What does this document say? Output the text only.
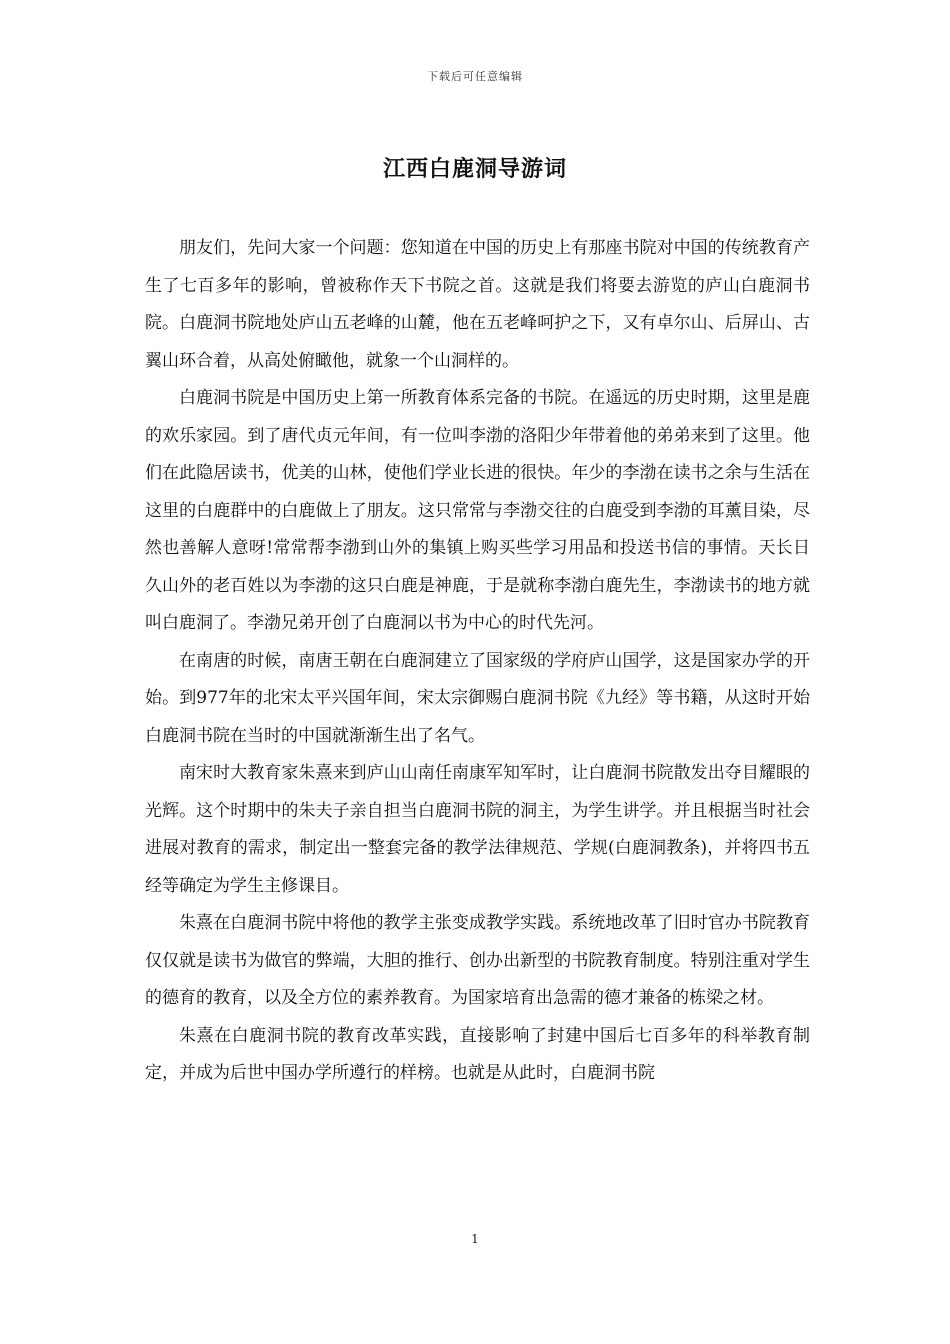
下载后可任意编辑
江西白鹿洞导游词

朋友们，先问大家一个问题：您知道在中国的历史上有那座书院对中国的传统教育产生了七百多年的影响，曾被称作天下书院之首。这就是我们将要去游览的庐山白鹿洞书院。白鹿洞书院地处庐山五老峰的山麓，他在五老峰呵护之下，又有卓尔山、后屏山、古翼山环合着，从高处俯瞰他，就象一个山洞样的。

白鹿洞书院是中国历史上第一所教育体系完备的书院。在遥远的历史时期，这里是鹿的欢乐家园。到了唐代贞元年间，有一位叫李渤的洛阳少年带着他的弟弟来到了这里。他们在此隐居读书，优美的山林，使他们学业长进的很快。年少的李渤在读书之余与生活在这里的白鹿群中的白鹿做上了朋友。这只常常与李渤交往的白鹿受到李渤的耳薰目染，尽然也善解人意呀!常常帮李渤到山外的集镇上购买些学习用品和投送书信的事情。天长日久山外的老百姓以为李渤的这只白鹿是神鹿，于是就称李渤白鹿先生，李渤读书的地方就叫白鹿洞了。李渤兄弟开创了白鹿洞以书为中心的时代先河。

在南唐的时候，南唐王朝在白鹿洞建立了国家级的学府庐山国学，这是国家办学的开始。到977年的北宋太平兴国年间，宋太宗御赐白鹿洞书院《九经》等书籍，从这时开始白鹿洞书院在当时的中国就渐渐生出了名气。

南宋时大教育家朱熹来到庐山山南任南康军知军时，让白鹿洞书院散发出夺目耀眼的光辉。这个时期中的朱夫子亲自担当白鹿洞书院的洞主，为学生讲学。并且根据当时社会进展对教育的需求，制定出一整套完备的教学法律规范、学规(白鹿洞教条)，并将四书五经等确定为学生主修课目。

朱熹在白鹿洞书院中将他的教学主张变成教学实践。系统地改革了旧时官办书院教育仅仅就是读书为做官的弊端，大胆的推行、创办出新型的书院教育制度。特别注重对学生的德育的教育，以及全方位的素养教育。为国家培育出急需的德才兼备的栋梁之材。

朱熹在白鹿洞书院的教育改革实践，直接影响了封建中国后七百多年的科举教育制定，并成为后世中国办学所遵行的样榜。也就是从此时，白鹿洞书院

1
